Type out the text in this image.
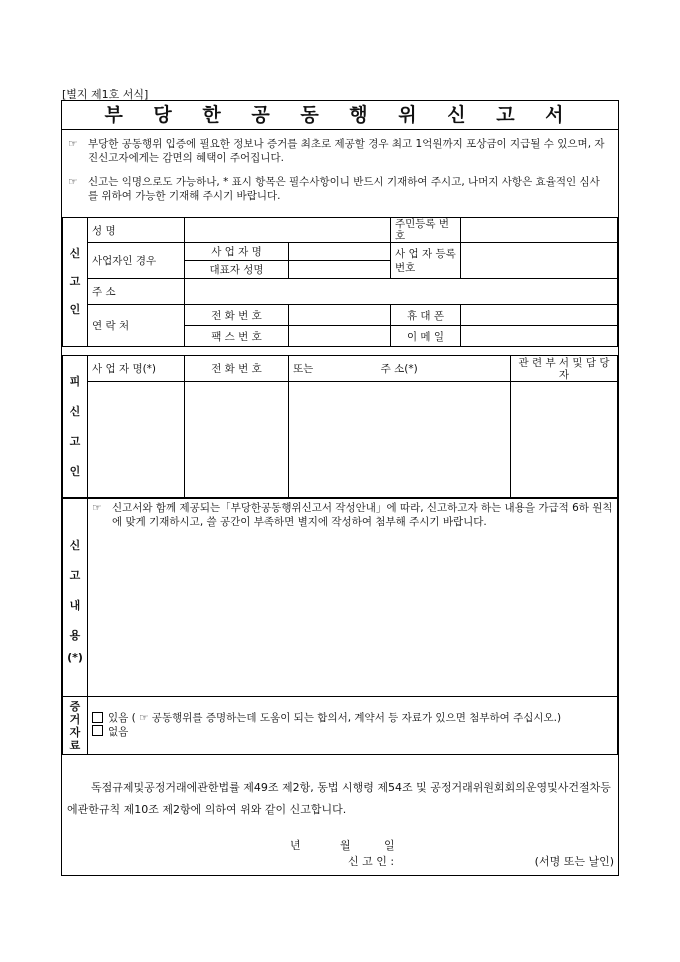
[별지 제1호 서식]
부 당 한 공 동 행 위 신 고 서
☞	부당한 공동행위 입증에 필요한 정보나 증거를 최초로 제공할 경우 최고 1억원까지 포상금이 지급될 수 있으며, 자진신고자에게는 감면의 혜택이 주어집니다.
☞	신고는 익명으로도 가능하나, * 표시 항목은 필수사항이니 반드시 기재하여 주시고, 나머지 사항은 효율적인 심사를 위하여 가능한 기재해 주시기 바랍니다.
신
고
인	성 명			주민등록 번 호	
	사업자인 경우	사 업 자 명		사 업 자 등록번호	
		대표자 성명			
	주 소				
	연 락 처	전 화 번 호		휴 대 폰	
		팩 스 번 호		이 메 일	
피
신
고
인	사 업 자 명(*)	전 화 번 호	또는 주 소(*)	관 련 부 서 및 담 당 자

신
고
내
용
(*)

☞	신고서와 함께 제공되는「부당한공동행위신고서 작성안내」에 따라, 신고하고자 하는 내용을 가급적 6하 원칙에 맞게 기재하시고, 쓸 공간이 부족하면 별지에 작성하여 첨부해 주시기 바랍니다.
증
거
자
료

있음 ( ☞ 공동행위를 증명하는데 도움이 되는 합의서, 계약서 등 자료가 있으면 첨부하여 주십시오.)
없음
독점규제및공정거래에관한법률 제49조 제2항, 동법 시행령 제54조 및 공정거래위원회회의운영및사건절차등에관한규칙 제10조 제2항에 의하여 위와 같이 신고합니다.
년	월	일
신 고 인 :	(서명 또는 날인)
